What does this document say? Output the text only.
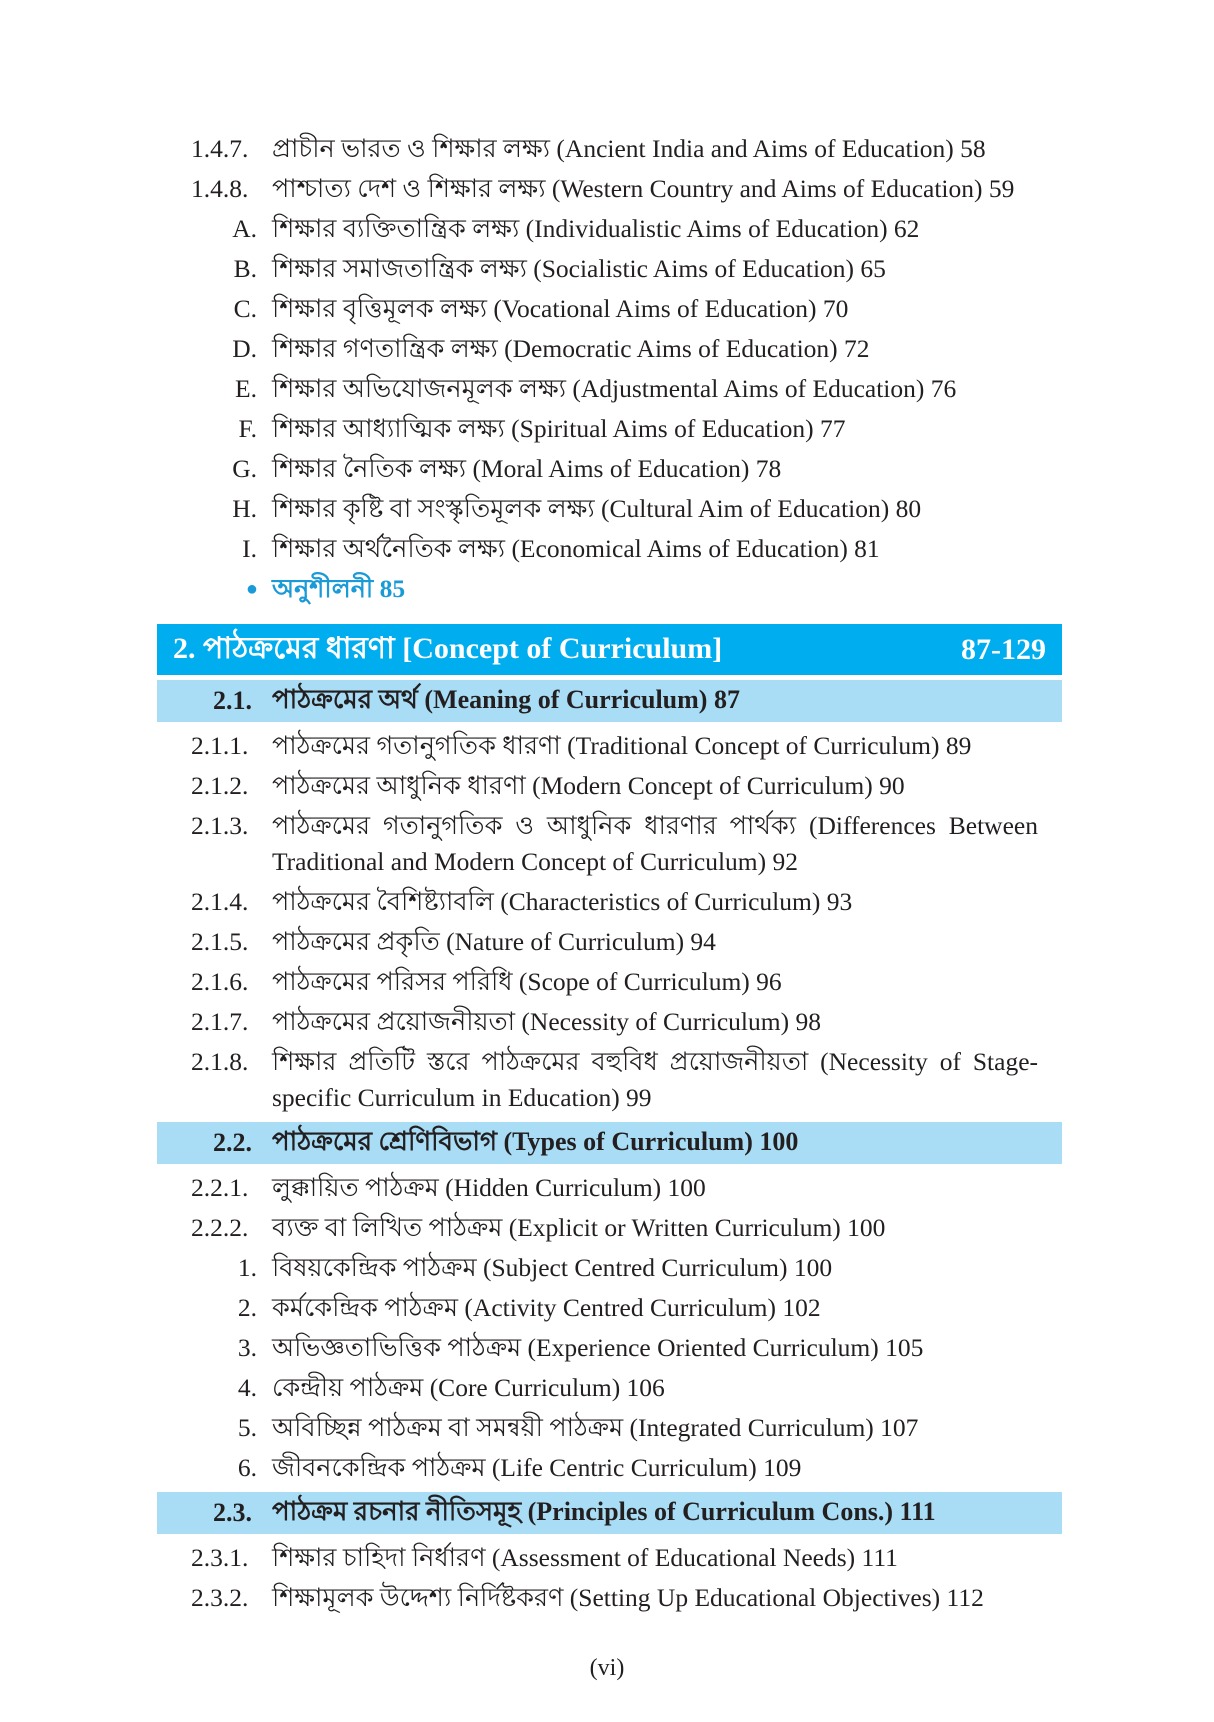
1.4.7. প্রাচীন ভারত ও শিক্ষার লক্ষ্য (Ancient India and Aims of Education) 58
1.4.8. পাশ্চাত্য দেশ ও শিক্ষার লক্ষ্য (Western Country and Aims of Education) 59
A. শিক্ষার ব্যক্তিতান্ত্রিক লক্ষ্য (Individualistic Aims of Education) 62
B. শিক্ষার সমাজতান্ত্রিক লক্ষ্য (Socialistic Aims of Education) 65
C. শিক্ষার বৃত্তিমূলক লক্ষ্য (Vocational Aims of Education) 70
D. শিক্ষার গণতান্ত্রিক লক্ষ্য (Democratic Aims of Education) 72
E. শিক্ষার অভিযোজনমূলক লক্ষ্য (Adjustmental Aims of Education) 76
F. শিক্ষার আধ্যাত্মিক লক্ষ্য (Spiritual Aims of Education) 77
G. শিক্ষার নৈতিক লক্ষ্য (Moral Aims of Education) 78
H. শিক্ষার কৃষ্টি বা সংস্কৃতিমূলক লক্ষ্য (Cultural Aim of Education) 80
I. শিক্ষার অর্থনৈতিক লক্ষ্য (Economical Aims of Education) 81
● অনুশীলনী 85
2. পাঠক্রমের ধারণা [Concept of Curriculum]	87-129
2.1. পাঠক্রমের অর্থ (Meaning of Curriculum) 87
2.1.1. পাঠক্রমের গতানুগতিক ধারণা (Traditional Concept of Curriculum) 89
2.1.2. পাঠক্রমের আধুনিক ধারণা (Modern Concept of Curriculum) 90
2.1.3. পাঠক্রমের গতানুগতিক ও আধুনিক ধারণার পার্থক্য (Differences Between Traditional and Modern Concept of Curriculum) 92
2.1.4. পাঠক্রমের বৈশিষ্ট্যাবলি (Characteristics of Curriculum) 93
2.1.5. পাঠক্রমের প্রকৃতি (Nature of Curriculum) 94
2.1.6. পাঠক্রমের পরিসর পরিধি (Scope of Curriculum) 96
2.1.7. পাঠক্রমের প্রয়োজনীয়তা (Necessity of Curriculum) 98
2.1.8. শিক্ষার প্রতিটি স্তরে পাঠক্রমের বহুবিধ প্রয়োজনীয়তা (Necessity of Stage-specific Curriculum in Education) 99
2.2. পাঠক্রমের শ্রেণিবিভাগ (Types of Curriculum) 100
2.2.1. লুক্কায়িত পাঠক্রম (Hidden Curriculum) 100
2.2.2. ব্যক্ত বা লিখিত পাঠক্রম (Explicit or Written Curriculum) 100
1. বিষয়কেন্দ্রিক পাঠক্রম (Subject Centred Curriculum) 100
2. কর্মকেন্দ্রিক পাঠক্রম (Activity Centred Curriculum) 102
3. অভিজ্ঞতাভিত্তিক পাঠক্রম (Experience Oriented Curriculum) 105
4. কেন্দ্রীয় পাঠক্রম (Core Curriculum) 106
5. অবিচ্ছিন্ন পাঠক্রম বা সমন্বয়ী পাঠক্রম (Integrated Curriculum) 107
6. জীবনকেন্দ্রিক পাঠক্রম (Life Centric Curriculum) 109
2.3. পাঠক্রম রচনার নীতিসমূহ (Principles of Curriculum Cons.) 111
2.3.1. শিক্ষার চাহিদা নির্ধারণ (Assessment of Educational Needs) 111
2.3.2. শিক্ষামূলক উদ্দেশ্য নির্দিষ্টকরণ (Setting Up Educational Objectives) 112
(vi)
